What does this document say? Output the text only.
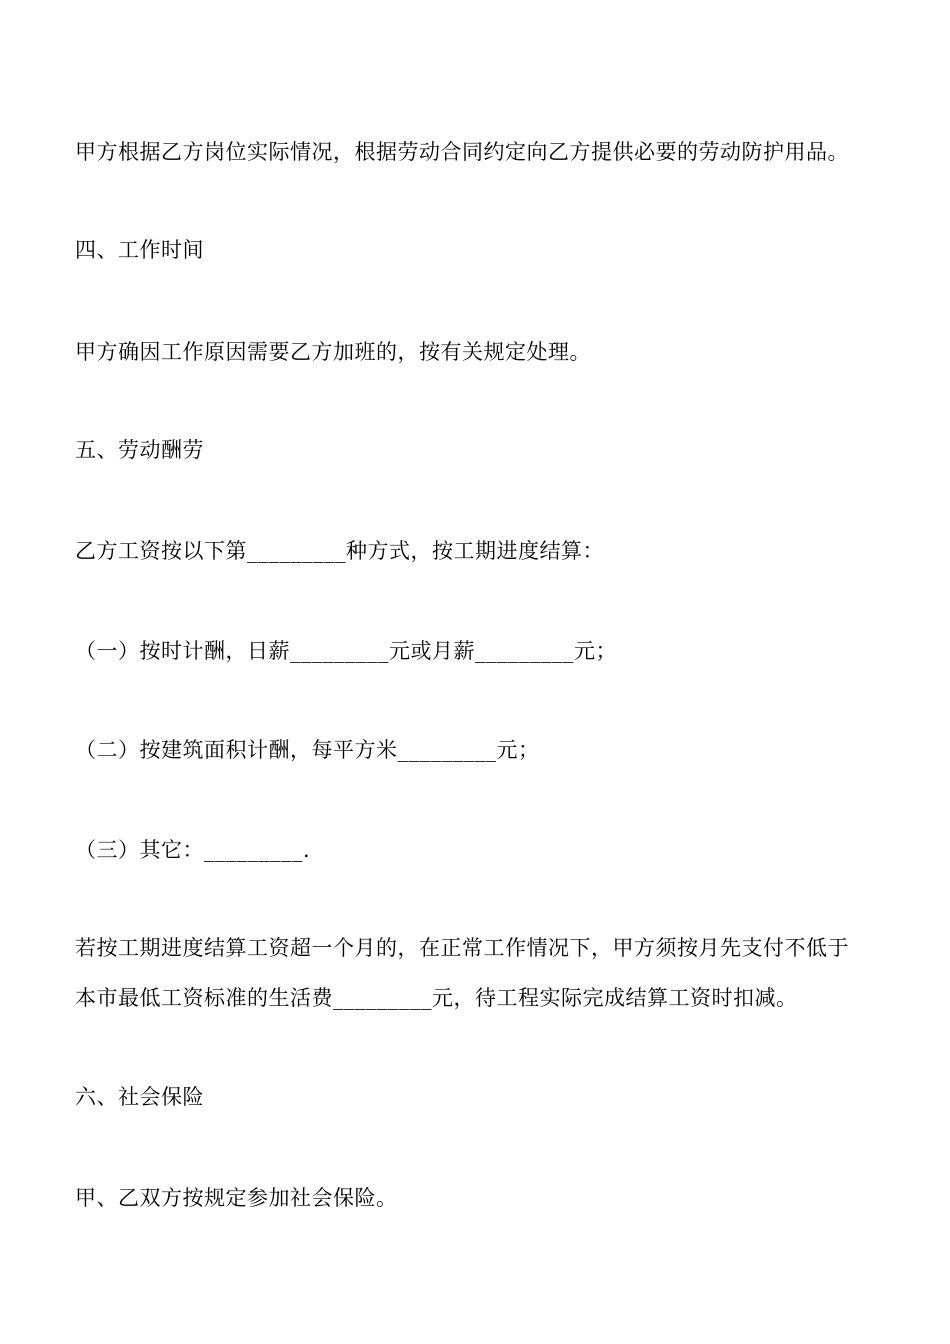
甲方根据乙方岗位实际情况，根据劳动合同约定向乙方提供必要的劳动防护用品。
四、工作时间
甲方确因工作原因需要乙方加班的，按有关规定处理。
五、劳动酬劳
乙方工资按以下第_________种方式，按工期进度结算：
（一）按时计酬，日薪_________元或月薪_________元；
（二）按建筑面积计酬，每平方米_________元；
（三）其它：_________.
若按工期进度结算工资超一个月的，在正常工作情况下，甲方须按月先支付不低于
本市最低工资标准的生活费_________元，待工程实际完成结算工资时扣减。
六、社会保险
甲、乙双方按规定参加社会保险。
